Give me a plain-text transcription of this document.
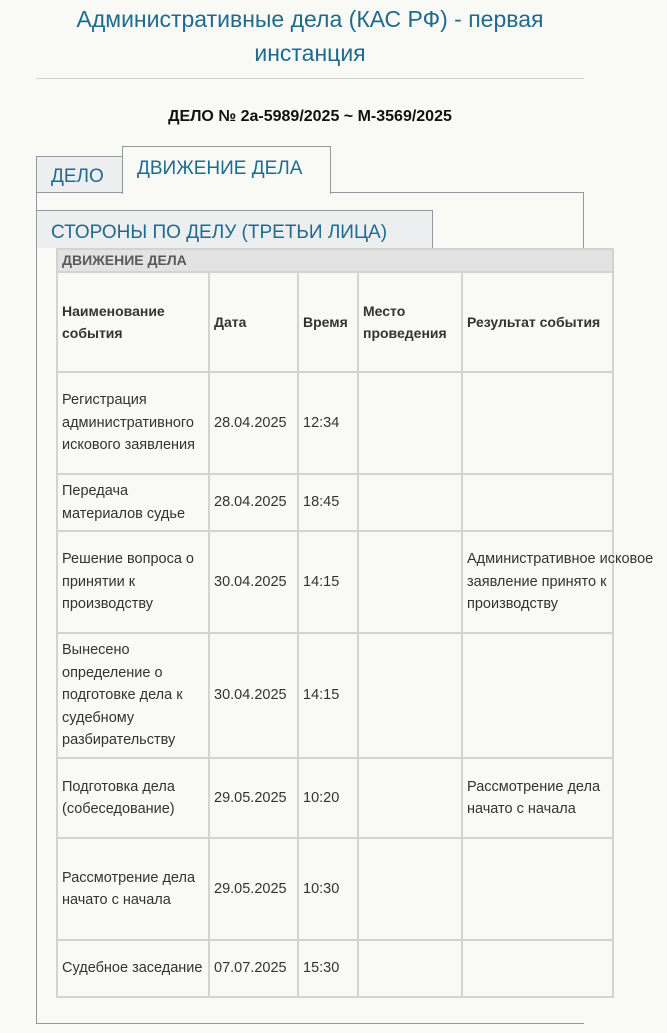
Административные дела (КАС РФ) - первая инстанция
ДЕЛО № 2а-5989/2025 ~ М-3569/2025
ДЕЛО	ДВИЖЕНИЕ ДЕЛА
СТОРОНЫ ПО ДЕЛУ (ТРЕТЬИ ЛИЦА)
ДВИЖЕНИЕ ДЕЛА				
Наименование события	Дата	Время	Место проведения	Результат события
Регистрация административного искового заявления	28.04.2025	12:34		
Передача материалов судье	28.04.2025	18:45		
Решение вопроса о принятии к производству	30.04.2025	14:15		Административное исковое заявление принято к производству

Вынесено определение о подготовке дела к судебному разбирательству	30.04.2025	14:15		
Подготовка дела (собеседование)	29.05.2025	10:20		Рассмотрение дела начато с начала
Рассмотрение дела начато с начала	29.05.2025	10:30		
Судебное заседание	07.07.2025	15:30		
